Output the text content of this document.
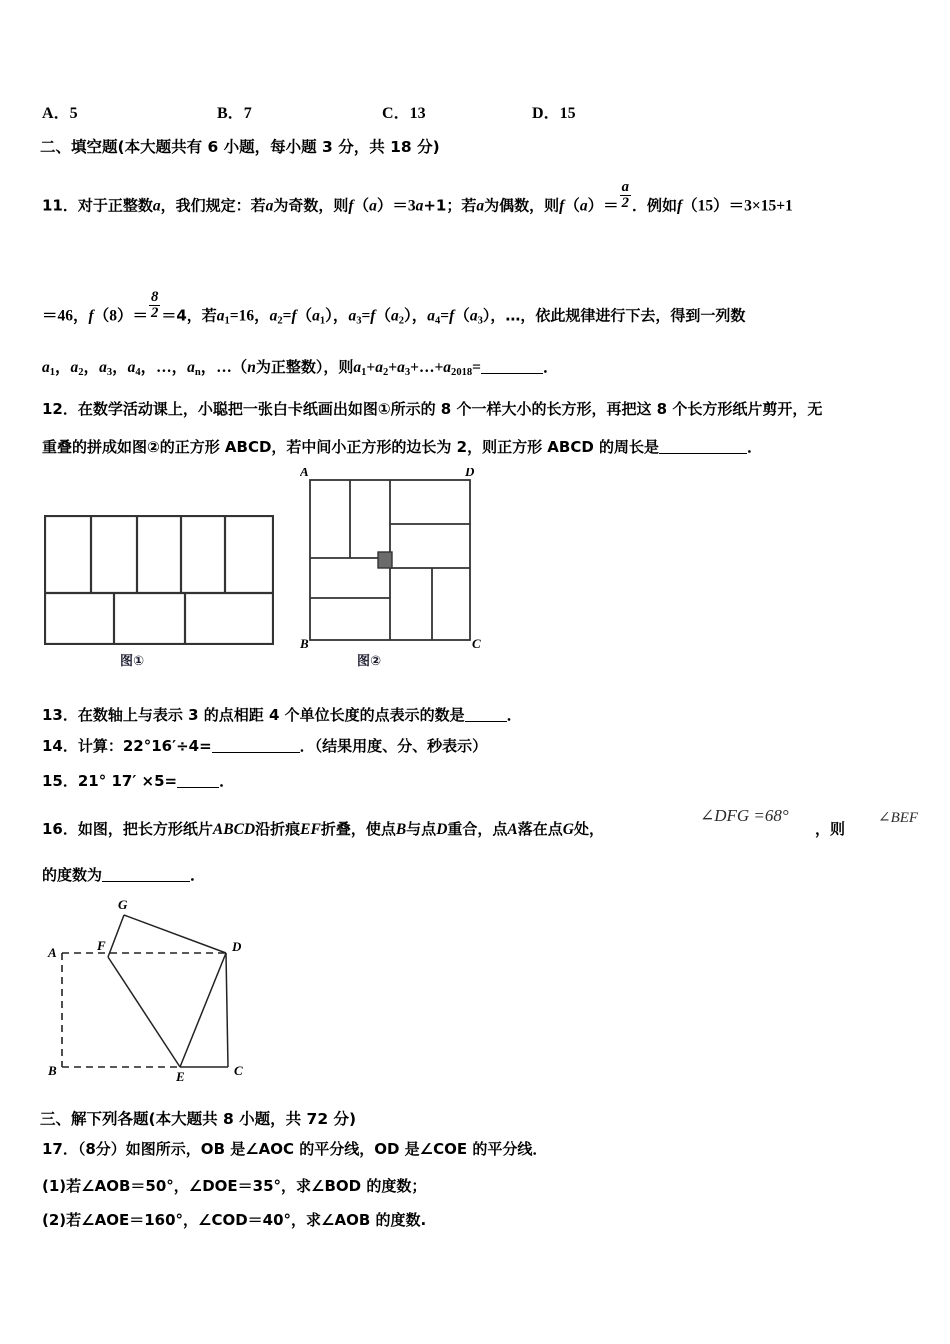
A．5	B．7	C．13	D．15
二、填空题(本大题共有 6 小题，每小题 3 分，共 18 分)
11．对于正整数a，我们规定：若a为奇数，则f（a）＝3a+1；若a为偶数，则$f(a)= \frac{a}{2}$ ．例如f（15）＝3×15+1
＝46，$f(8)= \frac{8}{2} =4$，若a1=16，a2=f（a1），a3=f（a2），a4=f（a3），…，依此规律进行下去，得到一列数
a1，a2，a3，a4，…，an，…（n为正整数），则a1+a2+a3+…+a2018=	．
12．在数学活动课上，小聪把一张白卡纸画出如图①所示的 8 个一样大小的长方形，再把这 8 个长方形纸片剪开，无
重叠的拼成如图②的正方形 ABCD，若中间小正方形的边长为 2，则正方形 ABCD 的周长是	．
图①
A
B	C
D
图②
13．在数轴上与表示 3 的点相距 4 个单位长度的点表示的数是	．
14．计算：22°16′÷4=	．（结果用度、分、秒表示）
15．21° 17′ ×5=	．
16．如图，把长方形纸片ABCD沿折痕EF折叠，使点B与点D重合，点A落在点G处，
∠DFG =68°
，则
∠BEF
的度数为	．
A
B	C
D
E
F
G
三、解下列各题(本大题共 8 小题，共 72 分)
17．（8分）如图所示，OB 是∠AOC 的平分线，OD 是∠COE 的平分线．
(1)若∠AOB＝50°，∠DOE＝35°，求∠BOD 的度数；
(2)若∠AOE＝160°，∠COD＝40°，求∠AOB 的度数.
